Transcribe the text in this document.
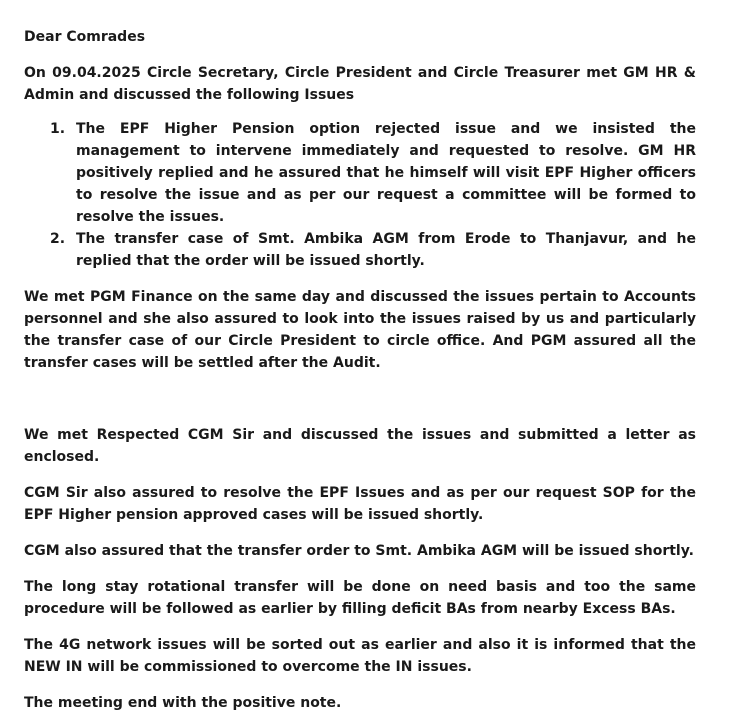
Dear Comrades

On 09.04.2025 Circle Secretary, Circle President and Circle Treasurer met GM HR & Admin and discussed the following Issues

1. The EPF Higher Pension option rejected issue and we insisted the management to intervene immediately and requested to resolve. GM HR positively replied and he assured that he himself will visit EPF Higher officers to resolve the issue and as per our request a committee will be formed to resolve the issues.
2. The transfer case of Smt. Ambika AGM from Erode to Thanjavur, and he replied that the order will be issued shortly.

We met PGM Finance on the same day and discussed the issues pertain to Accounts personnel and she also assured to look into the issues raised by us and particularly the transfer case of our Circle President to circle office. And PGM assured all the transfer cases will be settled after the Audit.

We met Respected CGM Sir and discussed the issues and submitted a letter as enclosed.

CGM Sir also assured to resolve the EPF Issues and as per our request SOP for the EPF Higher pension approved cases will be issued shortly.

CGM also assured that the transfer order to Smt. Ambika AGM will be issued shortly.

The long stay rotational transfer will be done on need basis and too the same procedure will be followed as earlier by filling deficit BAs from nearby Excess BAs.

The 4G network issues will be sorted out as earlier and also it is informed that the NEW IN will be commissioned to overcome the IN issues.

The meeting end with the positive note.
